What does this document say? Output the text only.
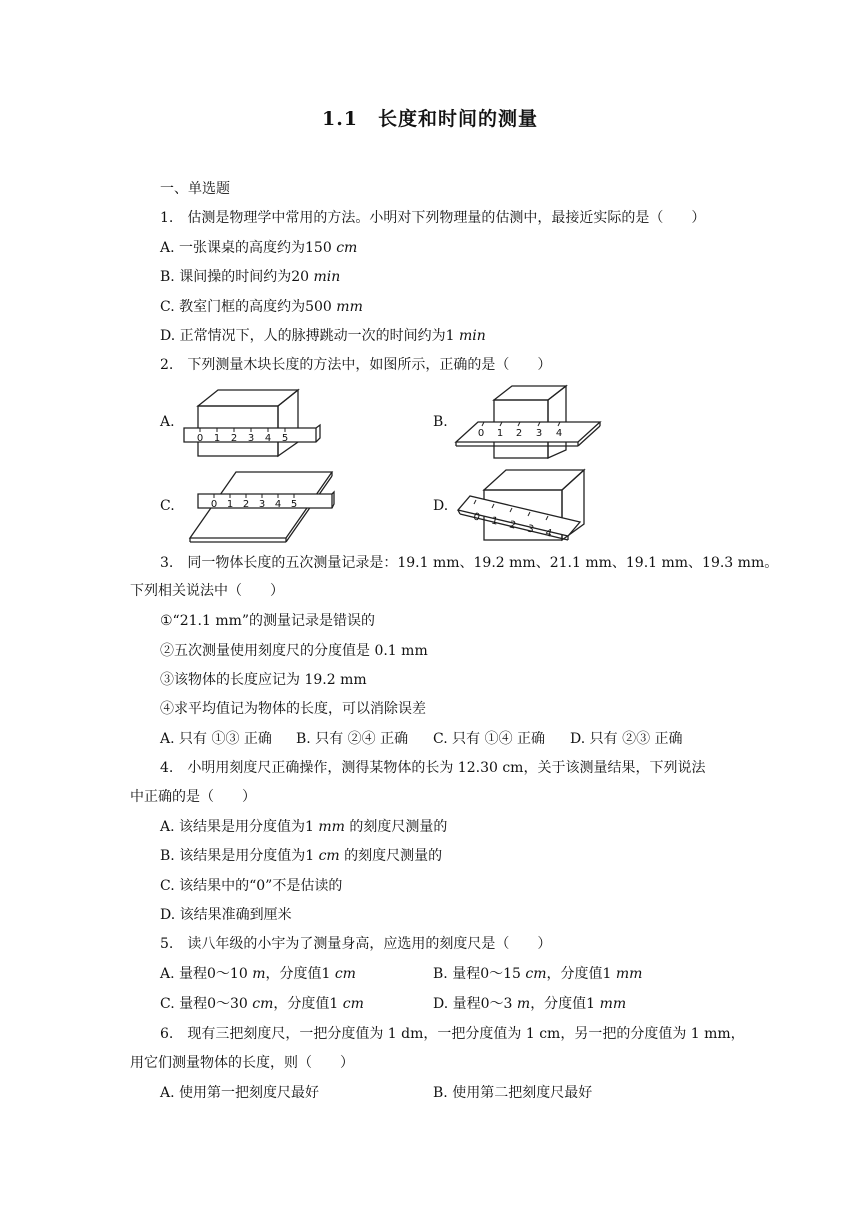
1.1　长度和时间的测量
一、单选题
1.　估测是物理学中常用的方法。小明对下列物理量的估测中，最接近实际的是（　　）
A. 一张课桌的高度约为150 cm
B. 课间操的时间约为20 min
C. 教室门框的高度约为500 mm
D. 正常情况下，人的脉搏跳动一次的时间约为1 min
2.　下列测量木块长度的方法中，如图所示，正确的是（　　）
A.	B.
C.	D.
0 1 2 3 4 5	0 1 2 3 4
0 1 2 3 4 5
0 1 2 3 4
3.　同一物体长度的五次测量记录是：19.1 mm、19.2 mm、21.1 mm、19.1 mm、19.3 mm。
下列相关说法中（　　）
①“21.1 mm”的测量记录是错误的
②五次测量使用刻度尺的分度值是 0.1 mm
③该物体的长度应记为 19.2 mm
④求平均值记为物体的长度，可以消除误差
A. 只有 ①③ 正确 B. 只有 ②④ 正确 C. 只有 ①④ 正确 D. 只有 ②③ 正确
4.　小明用刻度尺正确操作，测得某物体的长为 12.30 cm，关于该测量结果，下列说法
中正确的是（　　）
A. 该结果是用分度值为1 mm 的刻度尺测量的
B. 该结果是用分度值为1 cm 的刻度尺测量的
C. 该结果中的“0”不是估读的
D. 该结果准确到厘米
5.　读八年级的小宇为了测量身高，应选用的刻度尺是（　　）
A. 量程0～10 m，分度值1 cm	B. 量程0～15 cm，分度值1 mm
C. 量程0～30 cm，分度值1 cm	D. 量程0～3 m，分度值1 mm
6.　现有三把刻度尺，一把分度值为 1 dm，一把分度值为 1 cm，另一把的分度值为 1 mm，
用它们测量物体的长度，则（　　）
A. 使用第一把刻度尺最好	B. 使用第二把刻度尺最好
